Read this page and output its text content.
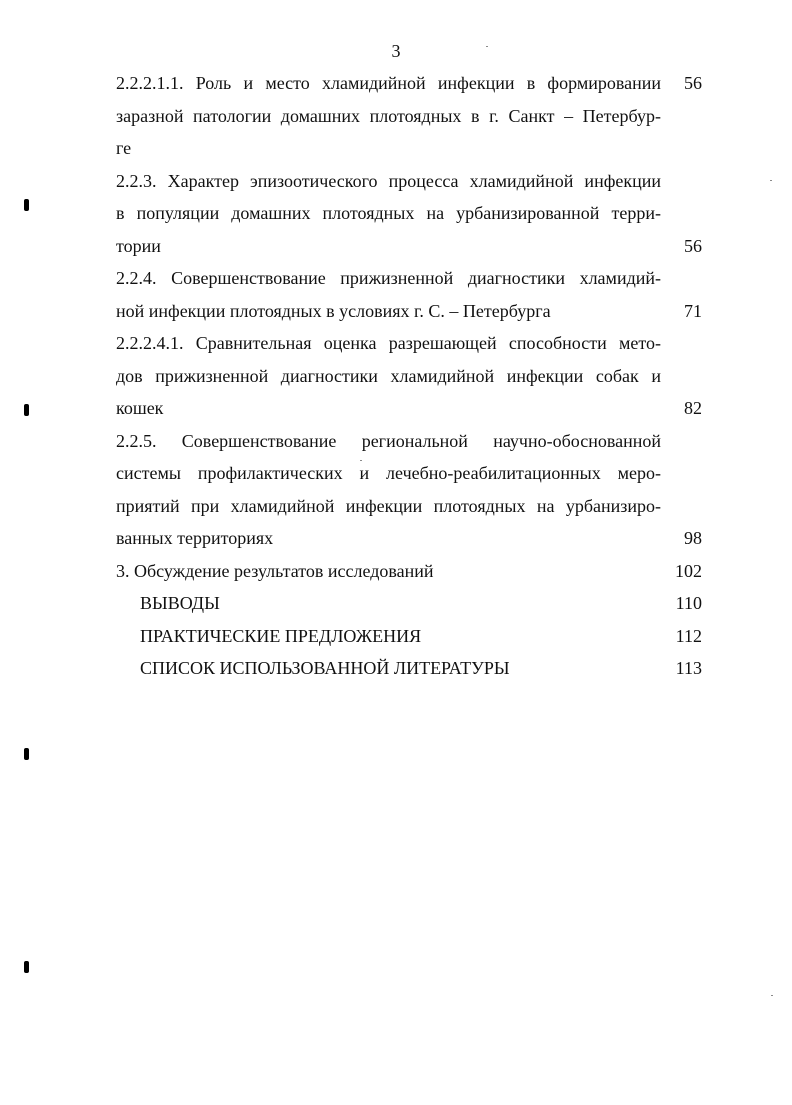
3
2.2.2.1.1. Роль и место хламидийной инфекции в формировании	56
заразной патологии домашних плотоядных в г. Санкт – Петербур-
ге
2.2.3. Характер эпизоотического процесса хламидийной инфекции
в популяции домашних плотоядных на урбанизированной терри-
тории	56
2.2.4. Совершенствование прижизненной диагностики хламидий-
ной инфекции плотоядных в условиях г. С. – Петербурга	71
2.2.2.4.1. Сравнительная оценка разрешающей способности мето-
дов прижизненной диагностики хламидийной инфекции собак и
кошек	82
2.2.5. Совершенствование региональной научно-обоснованной
системы профилактических и лечебно-реабилитационных меро-
приятий при хламидийной инфекции плотоядных на урбанизиро-
ванных территориях	98
3. Обсуждение результатов исследований	102
ВЫВОДЫ	110
ПРАКТИЧЕСКИЕ ПРЕДЛОЖЕНИЯ	112
СПИСОК ИСПОЛЬЗОВАННОЙ ЛИТЕРАТУРЫ	113
